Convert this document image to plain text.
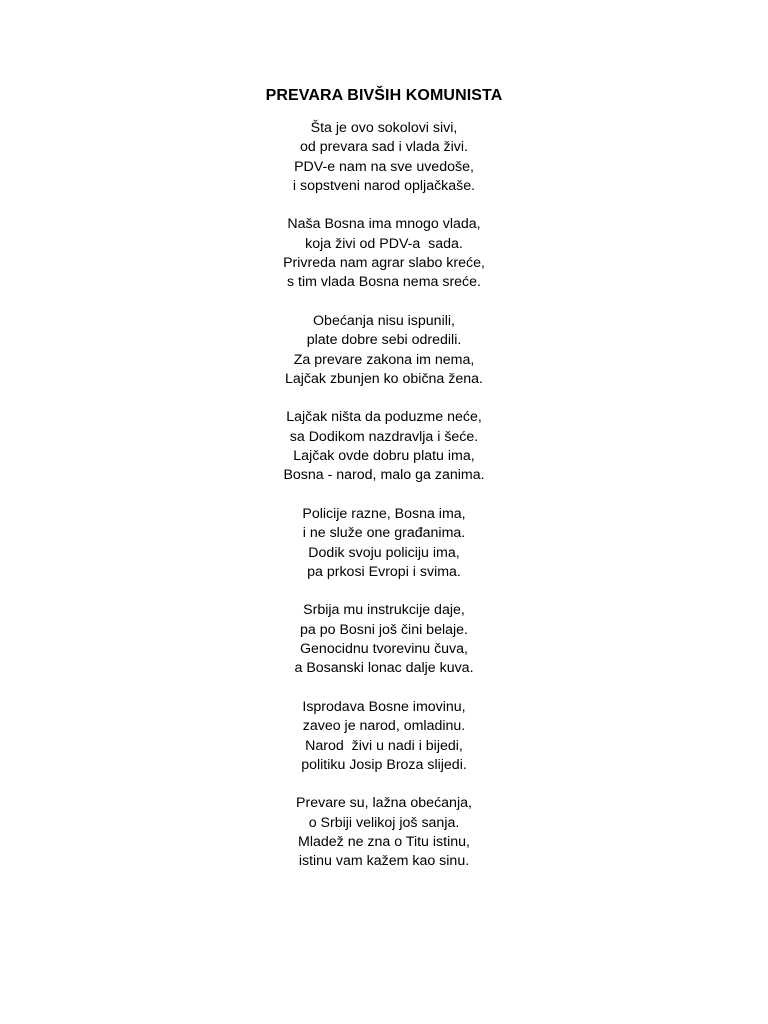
PREVARA BIVŠIH KOMUNISTA
Šta je ovo sokolovi sivi,
od prevara sad i vlada živi.
PDV-e nam na sve uvedoše,
i sopstveni narod opljačkaše.
Naša Bosna ima mnogo vlada,
koja živi od PDV-a  sada.
Privreda nam agrar slabo kreće,
s tim vlada Bosna nema sreće.
Obećanja nisu ispunili,
plate dobre sebi odredili.
Za prevare zakona im nema,
Lajčak zbunjen ko obična žena.
Lajčak ništa da poduzme neće,
sa Dodikom nazdravlja i šeće.
Lajčak ovde dobru platu ima,
Bosna - narod, malo ga zanima.
Policije razne, Bosna ima,
i ne služe one građanima.
Dodik svoju policiju ima,
pa prkosi Evropi i svima.
Srbija mu instrukcije daje,
pa po Bosni još čini belaje.
Genocidnu tvorevinu čuva,
a Bosanski lonac dalje kuva.
Isprodava Bosne imovinu,
zaveo je narod, omladinu.
Narod  živi u nadi i bijedi,
politiku Josip Broza slijedi.
Prevare su, lažna obećanja,
o Srbiji velikoj još sanja.
Mladež ne zna o Titu istinu,
istinu vam kažem kao sinu.
